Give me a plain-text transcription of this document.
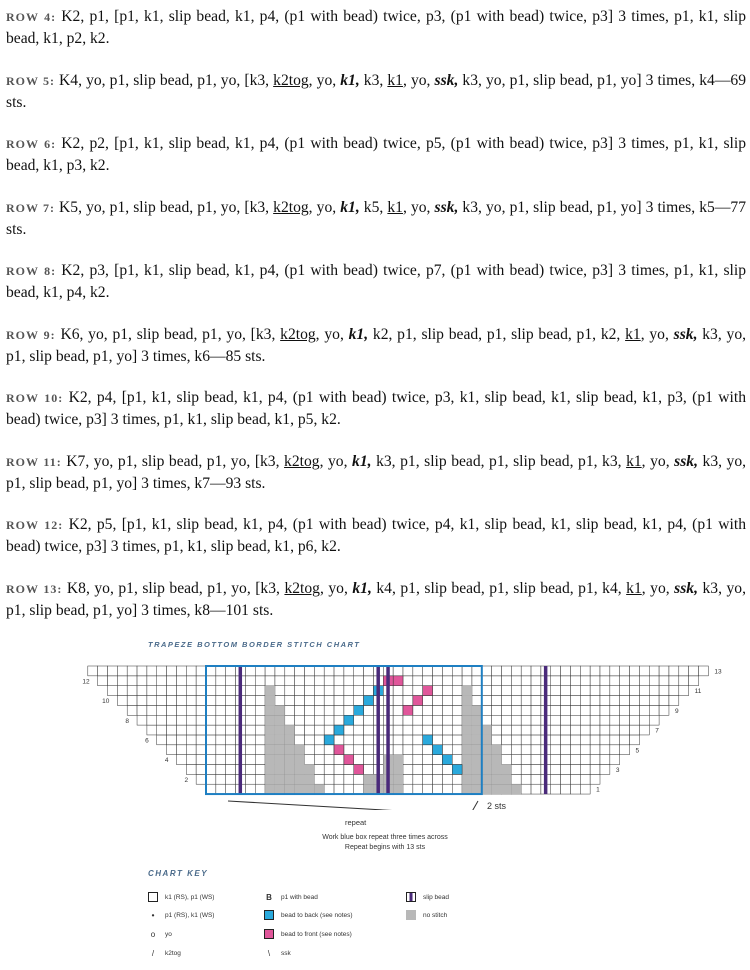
ROW 4: K2, p1, [p1, k1, slip bead, k1, p4, (p1 with bead) twice, p3, (p1 with bead) twice, p3] 3 times, p1, k1, slip bead, k1, p2, k2.

ROW 5: K4, yo, p1, slip bead, p1, yo, [k3, k2tog, yo, k1, k3, k1, yo, ssk, k3, yo, p1, slip bead, p1, yo] 3 times, k4—69 sts.

ROW 6: K2, p2, [p1, k1, slip bead, k1, p4, (p1 with bead) twice, p5, (p1 with bead) twice, p3] 3 times, p1, k1, slip bead, k1, p3, k2.

ROW 7: K5, yo, p1, slip bead, p1, yo, [k3, k2tog, yo, k1, k5, k1, yo, ssk, k3, yo, p1, slip bead, p1, yo] 3 times, k5—77 sts.

ROW 8: K2, p3, [p1, k1, slip bead, k1, p4, (p1 with bead) twice, p7, (p1 with bead) twice, p3] 3 times, p1, k1, slip bead, k1, p4, k2.

ROW 9: K6, yo, p1, slip bead, p1, yo, [k3, k2tog, yo, k1, k2, p1, slip bead, p1, slip bead, p1, k2, k1, yo, ssk, k3, yo, p1, slip bead, p1, yo] 3 times, k6—85 sts.

ROW 10: K2, p4, [p1, k1, slip bead, k1, p4, (p1 with bead) twice, p3, k1, slip bead, k1, slip bead, k1, p3, (p1 with bead) twice, p3] 3 times, p1, k1, slip bead, k1, p5, k2.

ROW 11: K7, yo, p1, slip bead, p1, yo, [k3, k2tog, yo, k1, k3, p1, slip bead, p1, slip bead, p1, k3, k1, yo, ssk, k3, yo, p1, slip bead, p1, yo] 3 times, k7—93 sts.

ROW 12: K2, p5, [p1, k1, slip bead, k1, p4, (p1 with bead) twice, p4, k1, slip bead, k1, slip bead, k1, p4, (p1 with bead) twice, p3] 3 times, p1, k1, slip bead, k1, p6, k2.

ROW 13: K8, yo, p1, slip bead, p1, yo, [k3, k2tog, yo, k1, k4, p1, slip bead, p1, slip bead, p1, k4, k1, yo, ssk, k3, yo, p1, slip bead, p1, yo] 3 times, k8—101 sts.

TRAPEZE BOTTOM BORDER STITCH CHART
12
10
8
6
4
2
13
11
9
7
5
3
1
2 sts
repeat
Work blue box repeat three times across
Repeat begins with 13 sts
CHART KEY
k1 (RS), p1 (WS)	B	p1 with bead	slip bead
•	p1 (RS), k1 (WS)	bead to back (see notes)	no stitch
o	yo	bead to front (see notes)
/	k2tog	\	ssk
